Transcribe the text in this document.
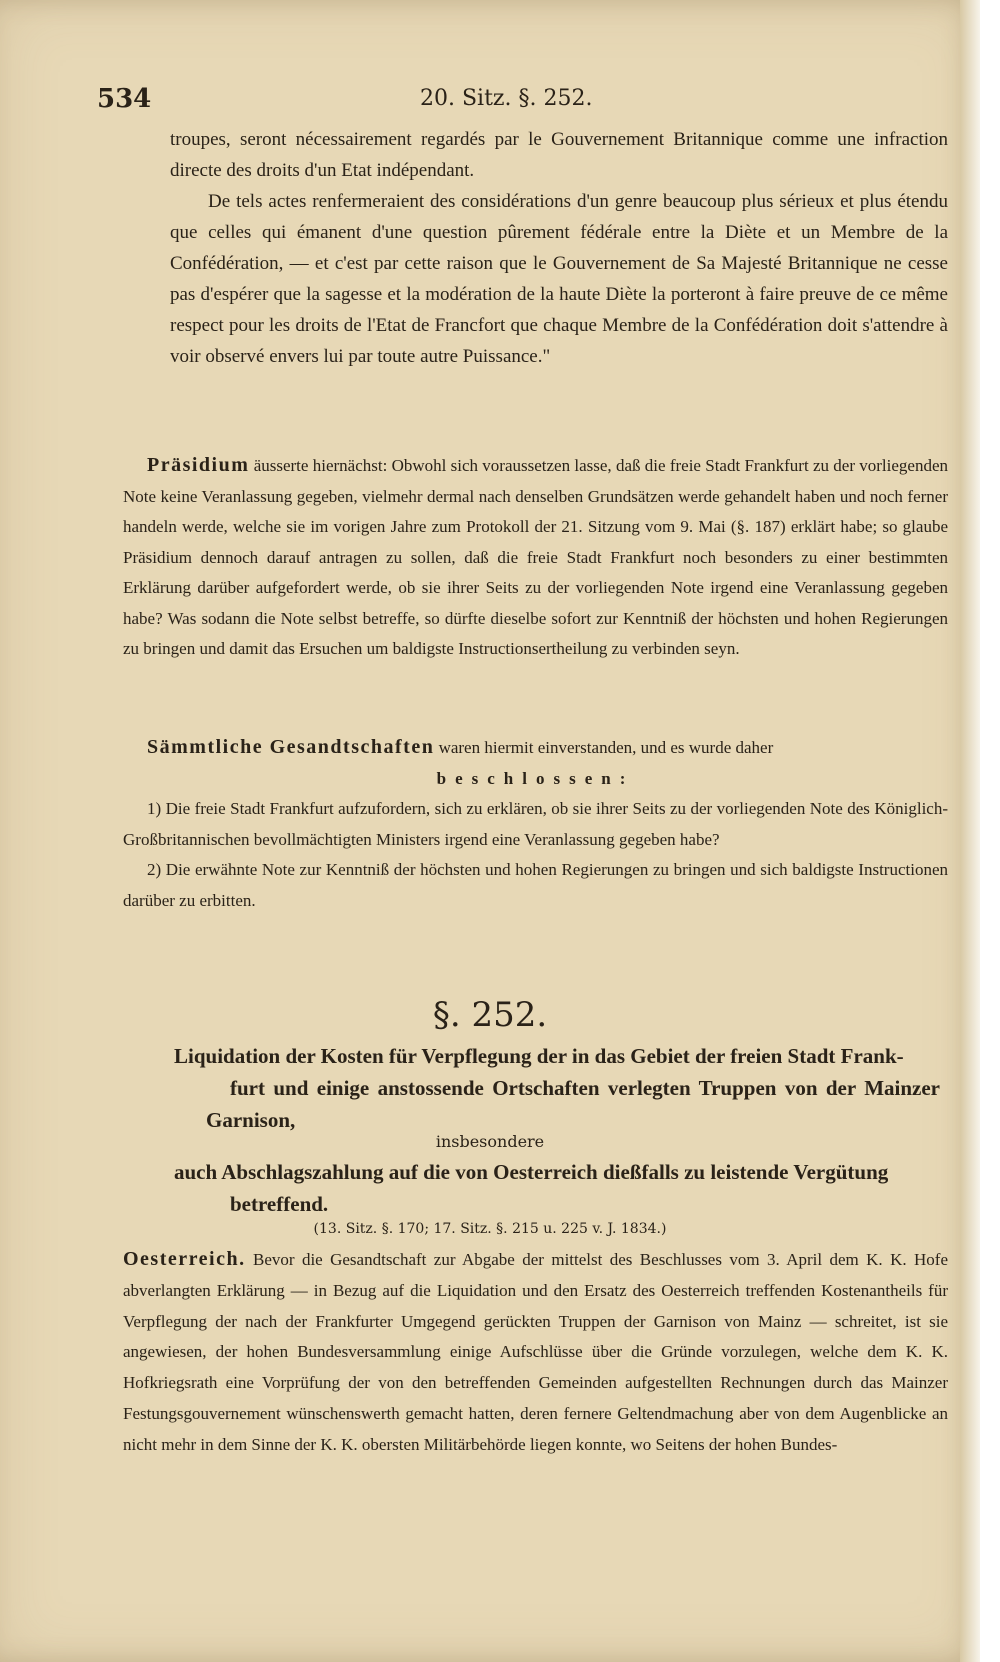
534	20. Sitz. §. 252.

troupes, seront nécessairement regardés par le Gouvernement Britannique comme une infraction directe des droits d'un Etat indépendant.

De tels actes renfermeraient des considérations d'un genre beaucoup plus sérieux et plus étendu que celles qui émanent d'une question pûrement fédérale entre la Diète et un Membre de la Confédération, — et c'est par cette raison que le Gouvernement de Sa Majesté Britannique ne cesse pas d'espérer que la sagesse et la modération de la haute Diète la porteront à faire preuve de ce même respect pour les droits de l'Etat de Francfort que chaque Membre de la Confédération doit s'attendre à voir observé envers lui par toute autre Puissance."

Präsidium äusserte hiernächst: Obwohl sich voraussetzen lasse, daß die freie Stadt Frankfurt zu der vorliegenden Note keine Veranlassung gegeben, vielmehr dermal nach denselben Grundsätzen werde gehandelt haben und noch ferner handeln werde, welche sie im vorigen Jahre zum Protokoll der 21. Sitzung vom 9. Mai (§. 187) erklärt habe; so glaube Präsidium dennoch darauf antragen zu sollen, daß die freie Stadt Frankfurt noch besonders zu einer bestimmten Erklärung darüber aufgefordert werde, ob sie ihrer Seits zu der vorliegenden Note irgend eine Veranlassung gegeben habe? Was sodann die Note selbst betreffe, so dürfte dieselbe sofort zur Kenntniß der höchsten und hohen Regierungen zu bringen und damit das Ersuchen um baldigste Instructionsertheilung zu verbinden seyn.

Sämmtliche Gesandtschaften waren hiermit einverstanden, und es wurde daher

beschlossen:

1) Die freie Stadt Frankfurt aufzufordern, sich zu erklären, ob sie ihrer Seits zu der vorliegenden Note des Königlich-Großbritannischen bevollmächtigten Ministers irgend eine Veranlassung gegeben habe?

2) Die erwähnte Note zur Kenntniß der höchsten und hohen Regierungen zu bringen und sich baldigste Instructionen darüber zu erbitten.

§. 252.

Liquidation der Kosten für Verpflegung der in das Gebiet der freien Stadt Frank-

furt und einige anstossende Ortschaften verlegten Truppen von der Mainzer Garnison,

insbesondere

auch Abschlagszahlung auf die von Oesterreich dießfalls zu leistende Vergütung

betreffend.

(13. Sitz. §. 170; 17. Sitz. §. 215 u. 225 v. J. 1834.)

Oesterreich. Bevor die Gesandtschaft zur Abgabe der mittelst des Beschlusses vom 3. April dem K. K. Hofe abverlangten Erklärung — in Bezug auf die Liquidation und den Ersatz des Oesterreich treffenden Kostenantheils für Verpflegung der nach der Frankfurter Umgegend gerückten Truppen der Garnison von Mainz — schreitet, ist sie angewiesen, der hohen Bundesversammlung einige Aufschlüsse über die Gründe vorzulegen, welche dem K. K. Hofkriegsrath eine Vorprüfung der von den betreffenden Gemeinden aufgestellten Rechnungen durch das Mainzer Festungsgouvernement wünschenswerth gemacht hatten, deren fernere Geltendmachung aber von dem Augenblicke an nicht mehr in dem Sinne der K. K. obersten Militärbehörde liegen konnte, wo Seitens der hohen Bundes-
